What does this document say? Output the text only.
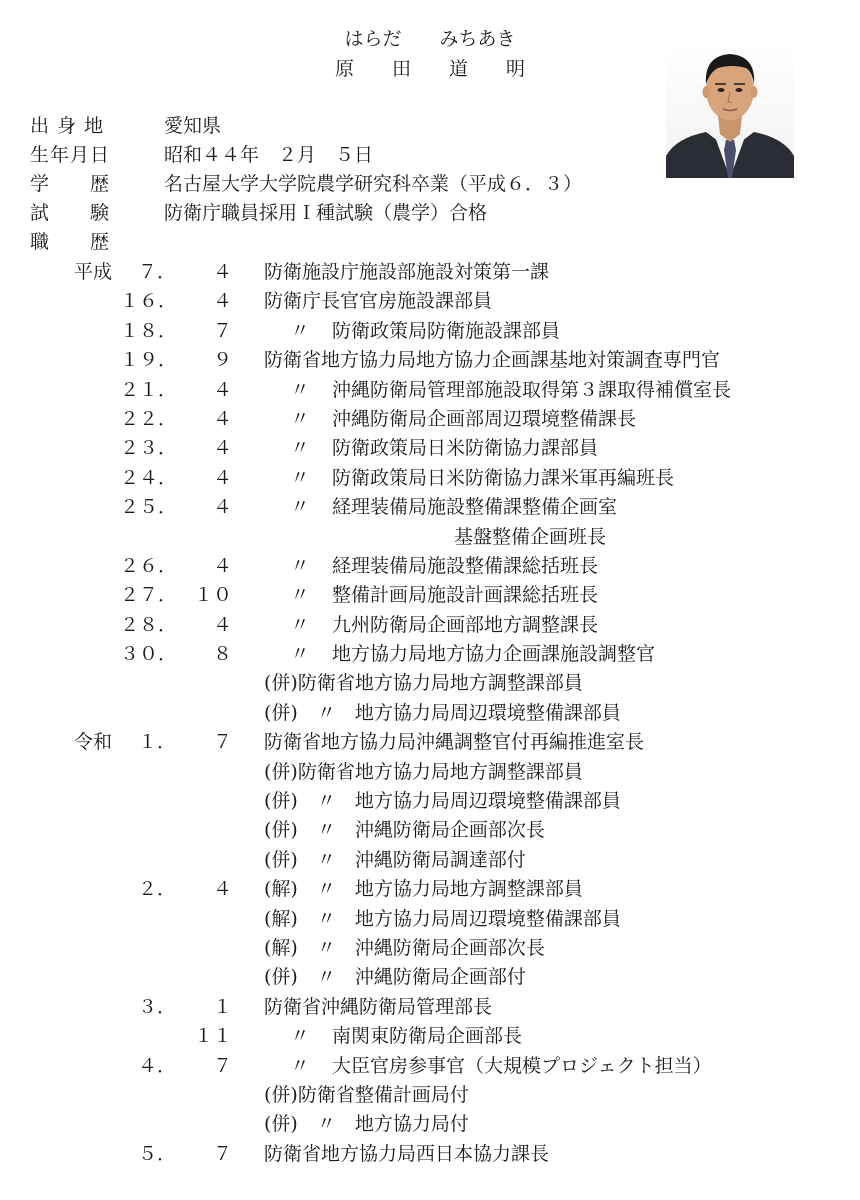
はらだ　　みちあき
原　　田　　道　　明
出 身 地	愛知県
生年月日	昭和４４年　２月　５日
学　　歴	名古屋大学大学院農学研究科卒業（平成６．３）
試　　験	防衛庁職員採用Ｉ種試験（農学）合格
職　　歴
平成	７．	４ 防衛施設庁施設部施設対策第一課
１６．	４ 防衛庁長官官房施設課部員
１８．	７	〃 防衛政策局防衛施設課部員
１９．	９ 防衛省地方協力局地方協力企画課基地対策調査専門官
２１．	４	〃 沖縄防衛局管理部施設取得第３課取得補償室長
２２．	４	〃 沖縄防衛局企画部周辺環境整備課長
２３．	４	〃 防衛政策局日米防衛協力課部員
２４．	４	〃 防衛政策局日米防衛協力課米軍再編班長
２５．	４	〃 経理装備局施設整備課整備企画室
　　　　　　　　　　基盤整備企画班長
２６．	４	〃 経理装備局施設整備課総括班長
２７． １０	〃 整備計画局施設計画課総括班長
２８．	４	〃 九州防衛局企画部地方調整課長
３０．	８	〃 地方協力局地方協力企画課施設調整官
(併)防衛省地方協力局地方調整課部員
(併)　〃　地方協力局周辺環境整備課部員
令和	１．	７ 防衛省地方協力局沖縄調整官付再編推進室長
(併)防衛省地方協力局地方調整課部員
(併)　〃　地方協力局周辺環境整備課部員
(併)　〃　沖縄防衛局企画部次長
(併)　〃　沖縄防衛局調達部付
２．	４ (解)　〃　地方協力局地方調整課部員
(解)　〃　地方協力局周辺環境整備課部員
(解)　〃　沖縄防衛局企画部次長
(併)　〃　沖縄防衛局企画部付
３．	１ 防衛省沖縄防衛局管理部長
１１	〃 南関東防衛局企画部長
４．	７	〃 大臣官房参事官（大規模プロジェクト担当）
(併)防衛省整備計画局付
(併)　〃　地方協力局付
５．	７ 防衛省地方協力局西日本協力課長
